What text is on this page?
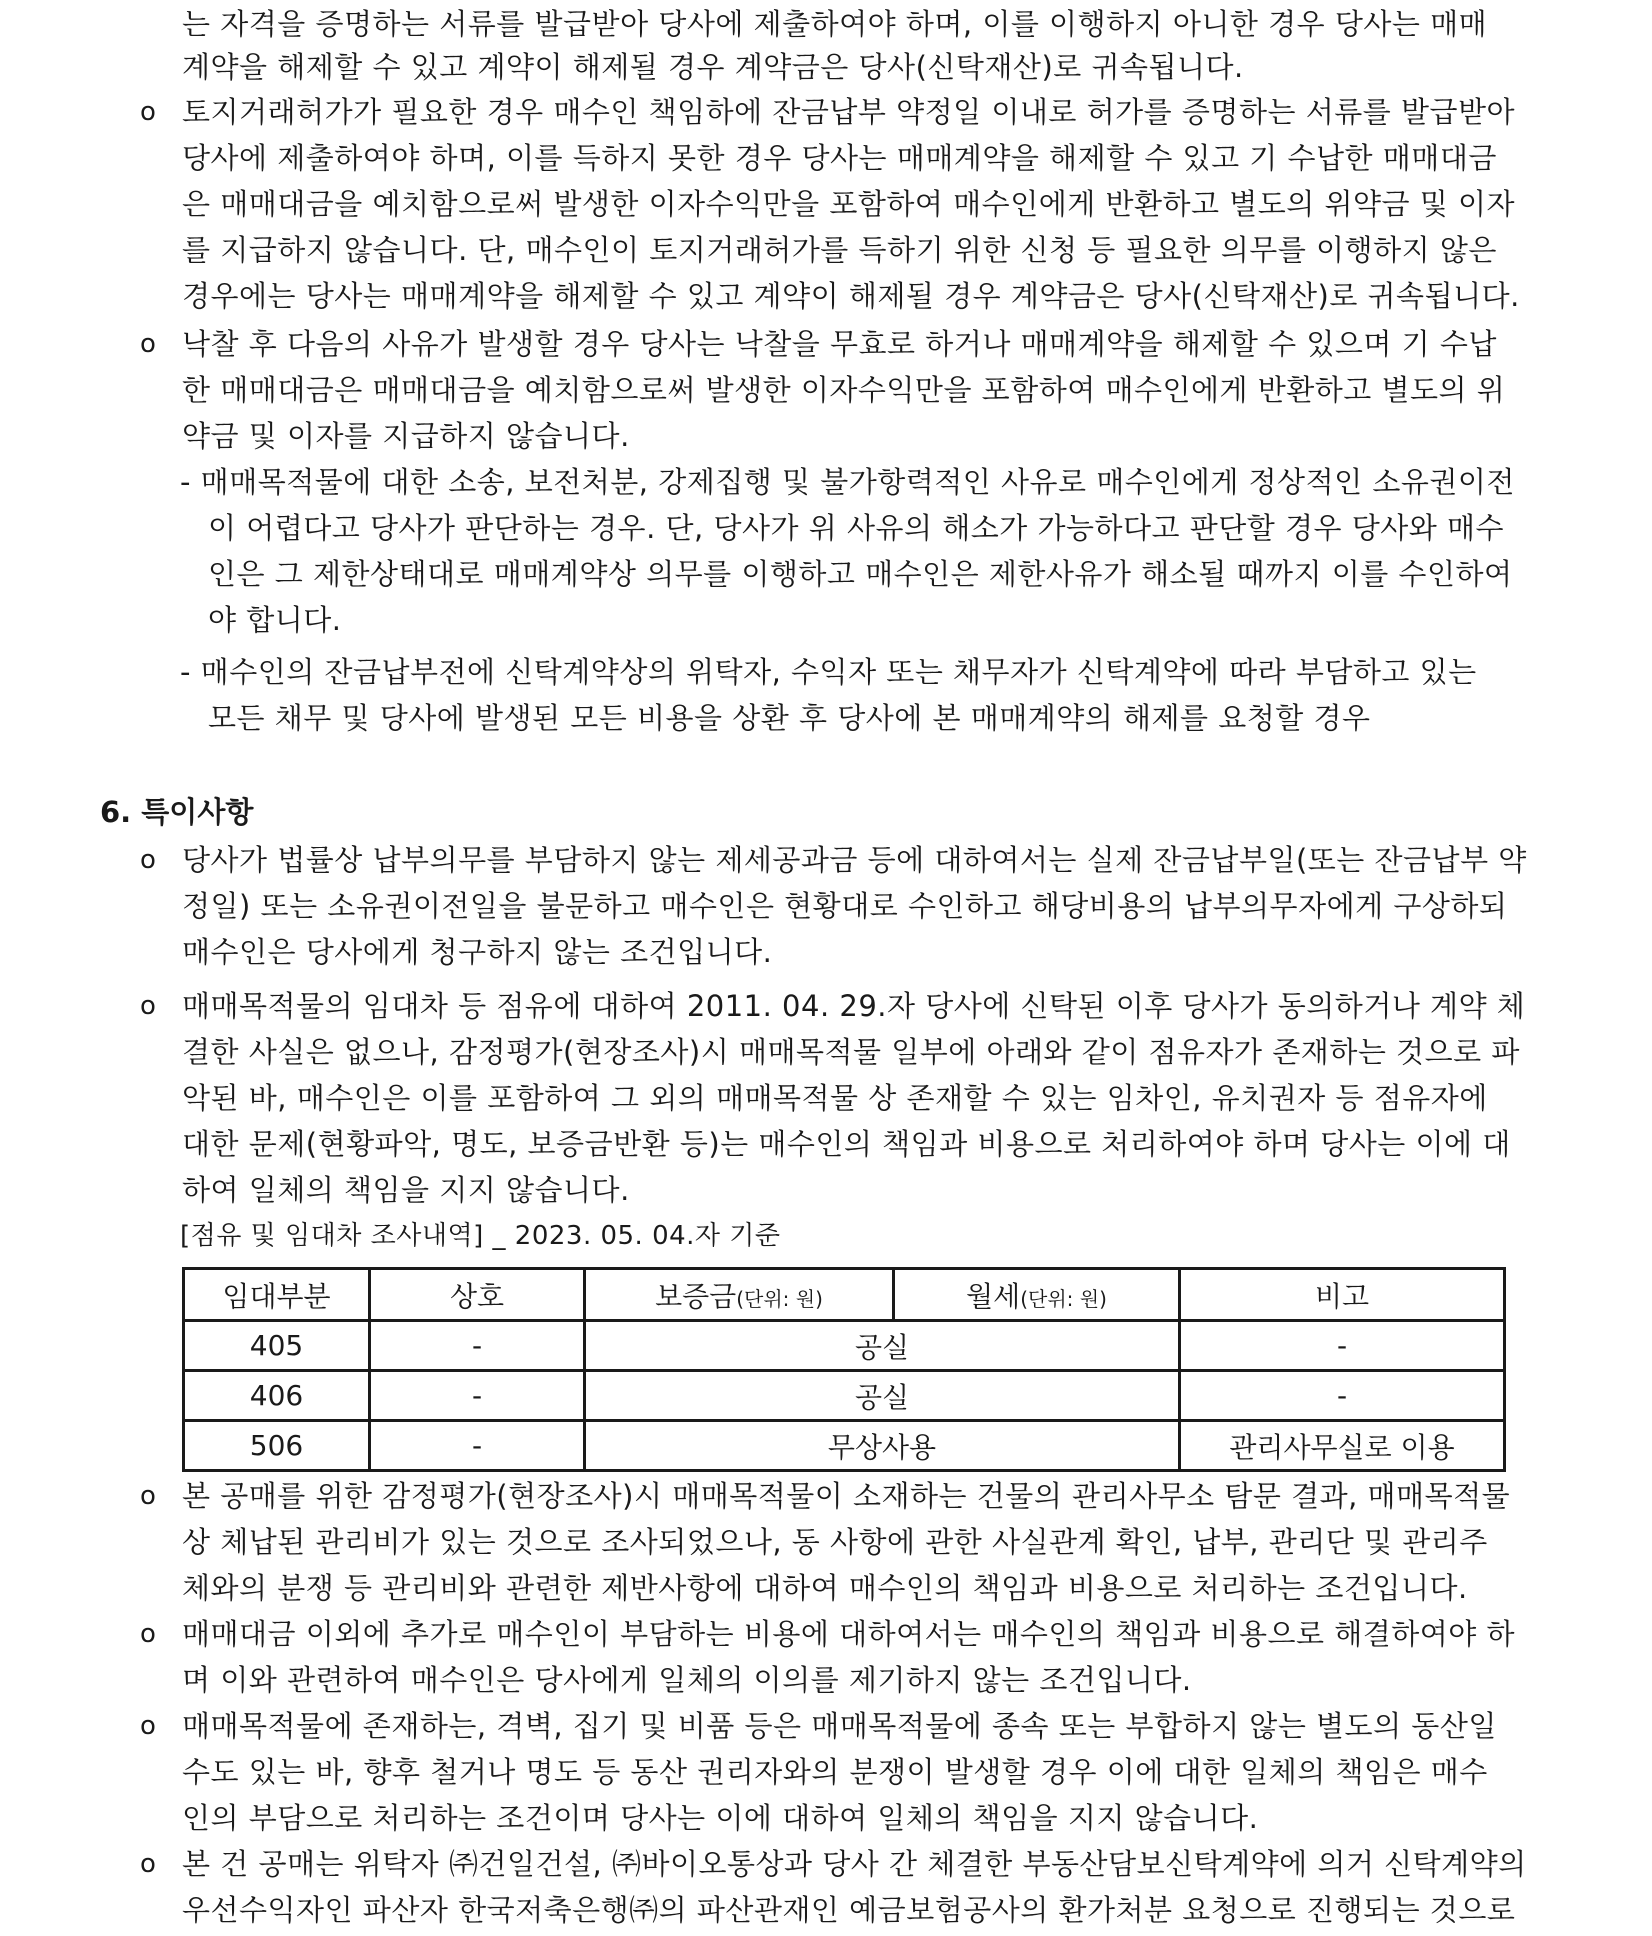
는 자격을 증명하는 서류를 발급받아 당사에 제출하여야 하며, 이를 이행하지 아니한 경우 당사는 매매
계약을 해제할 수 있고 계약이 해제될 경우 계약금은 당사(신탁재산)로 귀속됩니다.
o 토지거래허가가 필요한 경우 매수인 책임하에 잔금납부 약정일 이내로 허가를 증명하는 서류를 발급받아
당사에 제출하여야 하며, 이를 득하지 못한 경우 당사는 매매계약을 해제할 수 있고 기 수납한 매매대금
은 매매대금을 예치함으로써 발생한 이자수익만을 포함하여 매수인에게 반환하고 별도의 위약금 및 이자
를 지급하지 않습니다. 단, 매수인이 토지거래허가를 득하기 위한 신청 등 필요한 의무를 이행하지 않은
경우에는 당사는 매매계약을 해제할 수 있고 계약이 해제될 경우 계약금은 당사(신탁재산)로 귀속됩니다.
o 낙찰 후 다음의 사유가 발생할 경우 당사는 낙찰을 무효로 하거나 매매계약을 해제할 수 있으며 기 수납
한 매매대금은 매매대금을 예치함으로써 발생한 이자수익만을 포함하여 매수인에게 반환하고 별도의 위
약금 및 이자를 지급하지 않습니다.
- 매매목적물에 대한 소송, 보전처분, 강제집행 및 불가항력적인 사유로 매수인에게 정상적인 소유권이전
이 어렵다고 당사가 판단하는 경우. 단, 당사가 위 사유의 해소가 가능하다고 판단할 경우 당사와 매수
인은 그 제한상태대로 매매계약상 의무를 이행하고 매수인은 제한사유가 해소될 때까지 이를 수인하여
야 합니다.
- 매수인의 잔금납부전에 신탁계약상의 위탁자, 수익자 또는 채무자가 신탁계약에 따라 부담하고 있는
모든 채무 및 당사에 발생된 모든 비용을 상환 후 당사에 본 매매계약의 해제를 요청할 경우
6. 특이사항
o 당사가 법률상 납부의무를 부담하지 않는 제세공과금 등에 대하여서는 실제 잔금납부일(또는 잔금납부 약
정일) 또는 소유권이전일을 불문하고 매수인은 현황대로 수인하고 해당비용의 납부의무자에게 구상하되
매수인은 당사에게 청구하지 않는 조건입니다.
o 매매목적물의 임대차 등 점유에 대하여 2011. 04. 29.자 당사에 신탁된 이후 당사가 동의하거나 계약 체
결한 사실은 없으나, 감정평가(현장조사)시 매매목적물 일부에 아래와 같이 점유자가 존재하는 것으로 파
악된 바, 매수인은 이를 포함하여 그 외의 매매목적물 상 존재할 수 있는 임차인, 유치권자 등 점유자에
대한 문제(현황파악, 명도, 보증금반환 등)는 매수인의 책임과 비용으로 처리하여야 하며 당사는 이에 대
하여 일체의 책임을 지지 않습니다.
[점유 및 임대차 조사내역] _ 2023. 05. 04.자 기준
임대부분	상호	보증금(단위: 원)	월세(단위: 원)	비고
405	-	공실		-
406	-	공실		-
506	-	무상사용		관리사무실로 이용
o 본 공매를 위한 감정평가(현장조사)시 매매목적물이 소재하는 건물의 관리사무소 탐문 결과, 매매목적물
상 체납된 관리비가 있는 것으로 조사되었으나, 동 사항에 관한 사실관계 확인, 납부, 관리단 및 관리주
체와의 분쟁 등 관리비와 관련한 제반사항에 대하여 매수인의 책임과 비용으로 처리하는 조건입니다.
o 매매대금 이외에 추가로 매수인이 부담하는 비용에 대하여서는 매수인의 책임과 비용으로 해결하여야 하
며 이와 관련하여 매수인은 당사에게 일체의 이의를 제기하지 않는 조건입니다.
o 매매목적물에 존재하는, 격벽, 집기 및 비품 등은 매매목적물에 종속 또는 부합하지 않는 별도의 동산일
수도 있는 바, 향후 철거나 명도 등 동산 권리자와의 분쟁이 발생할 경우 이에 대한 일체의 책임은 매수
인의 부담으로 처리하는 조건이며 당사는 이에 대하여 일체의 책임을 지지 않습니다.
o 본 건 공매는 위탁자 ㈜건일건설, ㈜바이오통상과 당사 간 체결한 부동산담보신탁계약에 의거 신탁계약의
우선수익자인 파산자 한국저축은행㈜의 파산관재인 예금보험공사의 환가처분 요청으로 진행되는 것으로
